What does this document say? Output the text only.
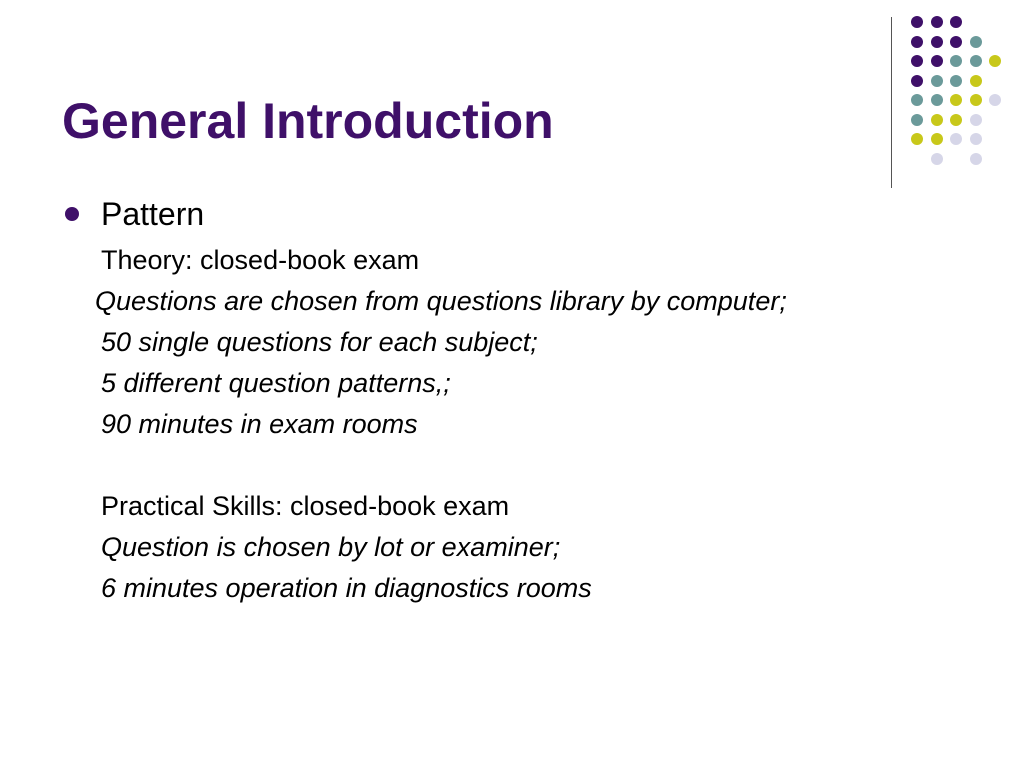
General Introduction
Pattern
Theory: closed-book exam
Questions are chosen from questions library by computer;
50 single questions for each subject;
5 different question patterns,;
90 minutes in exam rooms
Practical Skills: closed-book exam
Question is chosen by lot or examiner;
6 minutes operation in diagnostics rooms
